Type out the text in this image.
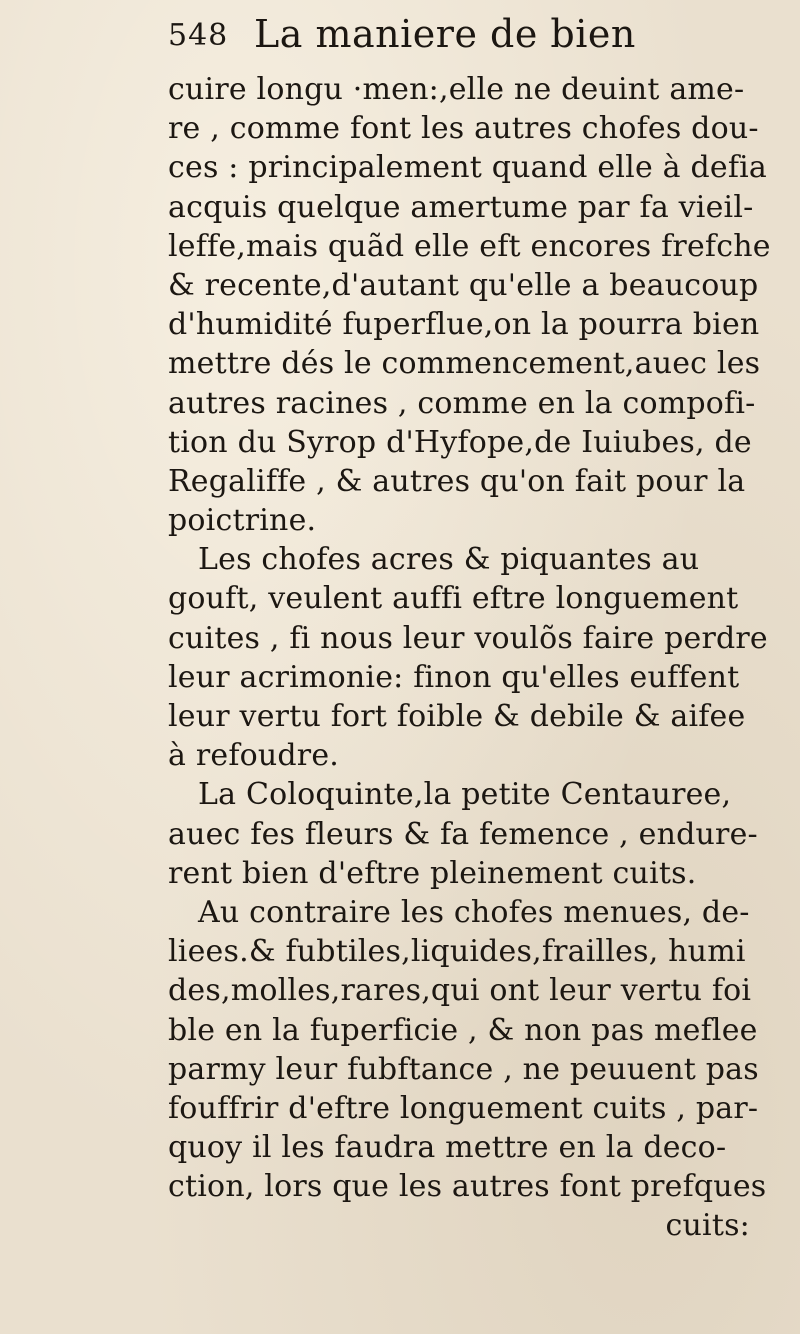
548 La maniere de bien
cuire longu ·men:,elle ne deuint ame-
re , comme font les autres chofes dou-
ces : principalement quand elle à defia
acquis quelque amertume par fa vieil-
leffe,mais quãd elle eft encores frefche
& recente,d'autant qu'elle a beaucoup
d'humidité fuperflue,on la pourra bien
mettre dés le commencement,auec les
autres racines , comme en la compofi-
tion du Syrop d'Hyfope,de Iuiubes, de
Regaliffe , & autres qu'on fait pour la
poictrine.
Les chofes acres & piquantes au
gouft, veulent auffi eftre longuement
cuites , fi nous leur voulõs faire perdre
leur acrimonie: finon qu'elles euffent
leur vertu fort foible & debile & aifee
à refoudre.
La Coloquinte,la petite Centauree,
auec fes fleurs & fa femence , endure-
rent bien d'eftre pleinement cuits.
Au contraire les chofes menues, de-
liees.& fubtiles,liquides,frailles, humi
des,molles,rares,qui ont leur vertu foi
ble en la fuperficie , & non pas meflee
parmy leur fubftance , ne peuuent pas
fouffrir d'eftre longuement cuits , par-
quoy il les faudra mettre en la deco-
ction, lors que les autres font prefques
cuits:
